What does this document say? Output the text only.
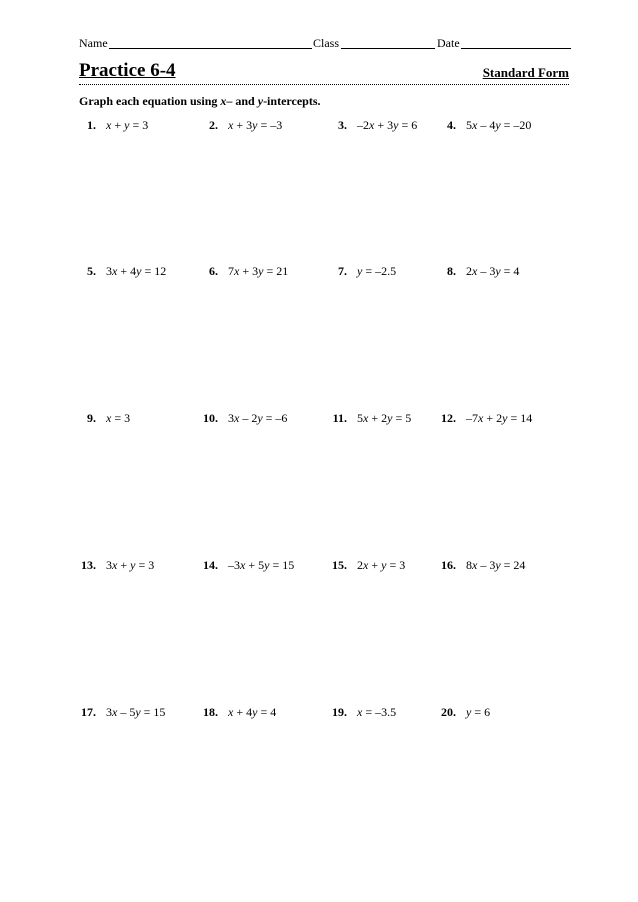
Name	Class	Date
Practice 6-4	Standard Form
Graph each equation using x– and y-intercepts.
1. x + y = 3	2. x + 3y = –3	3. –2x + 3y = 6 4. 5x – 4y = –20
5. 3x + 4y = 12	6. 7x + 3y = 21	7. y = –2.5	8. 2x – 3y = 4
9. x = 3	10. 3x – 2y = –6	11. 5x + 2y = 5 12. –7x + 2y = 14
13. 3x + y = 3	14. –3x + 5y = 15	15. 2x + y = 3	16. 8x – 3y = 24
17. 3x – 5y = 15	18. x + 4y = 4	19. x = –3.5	20. y = 6
